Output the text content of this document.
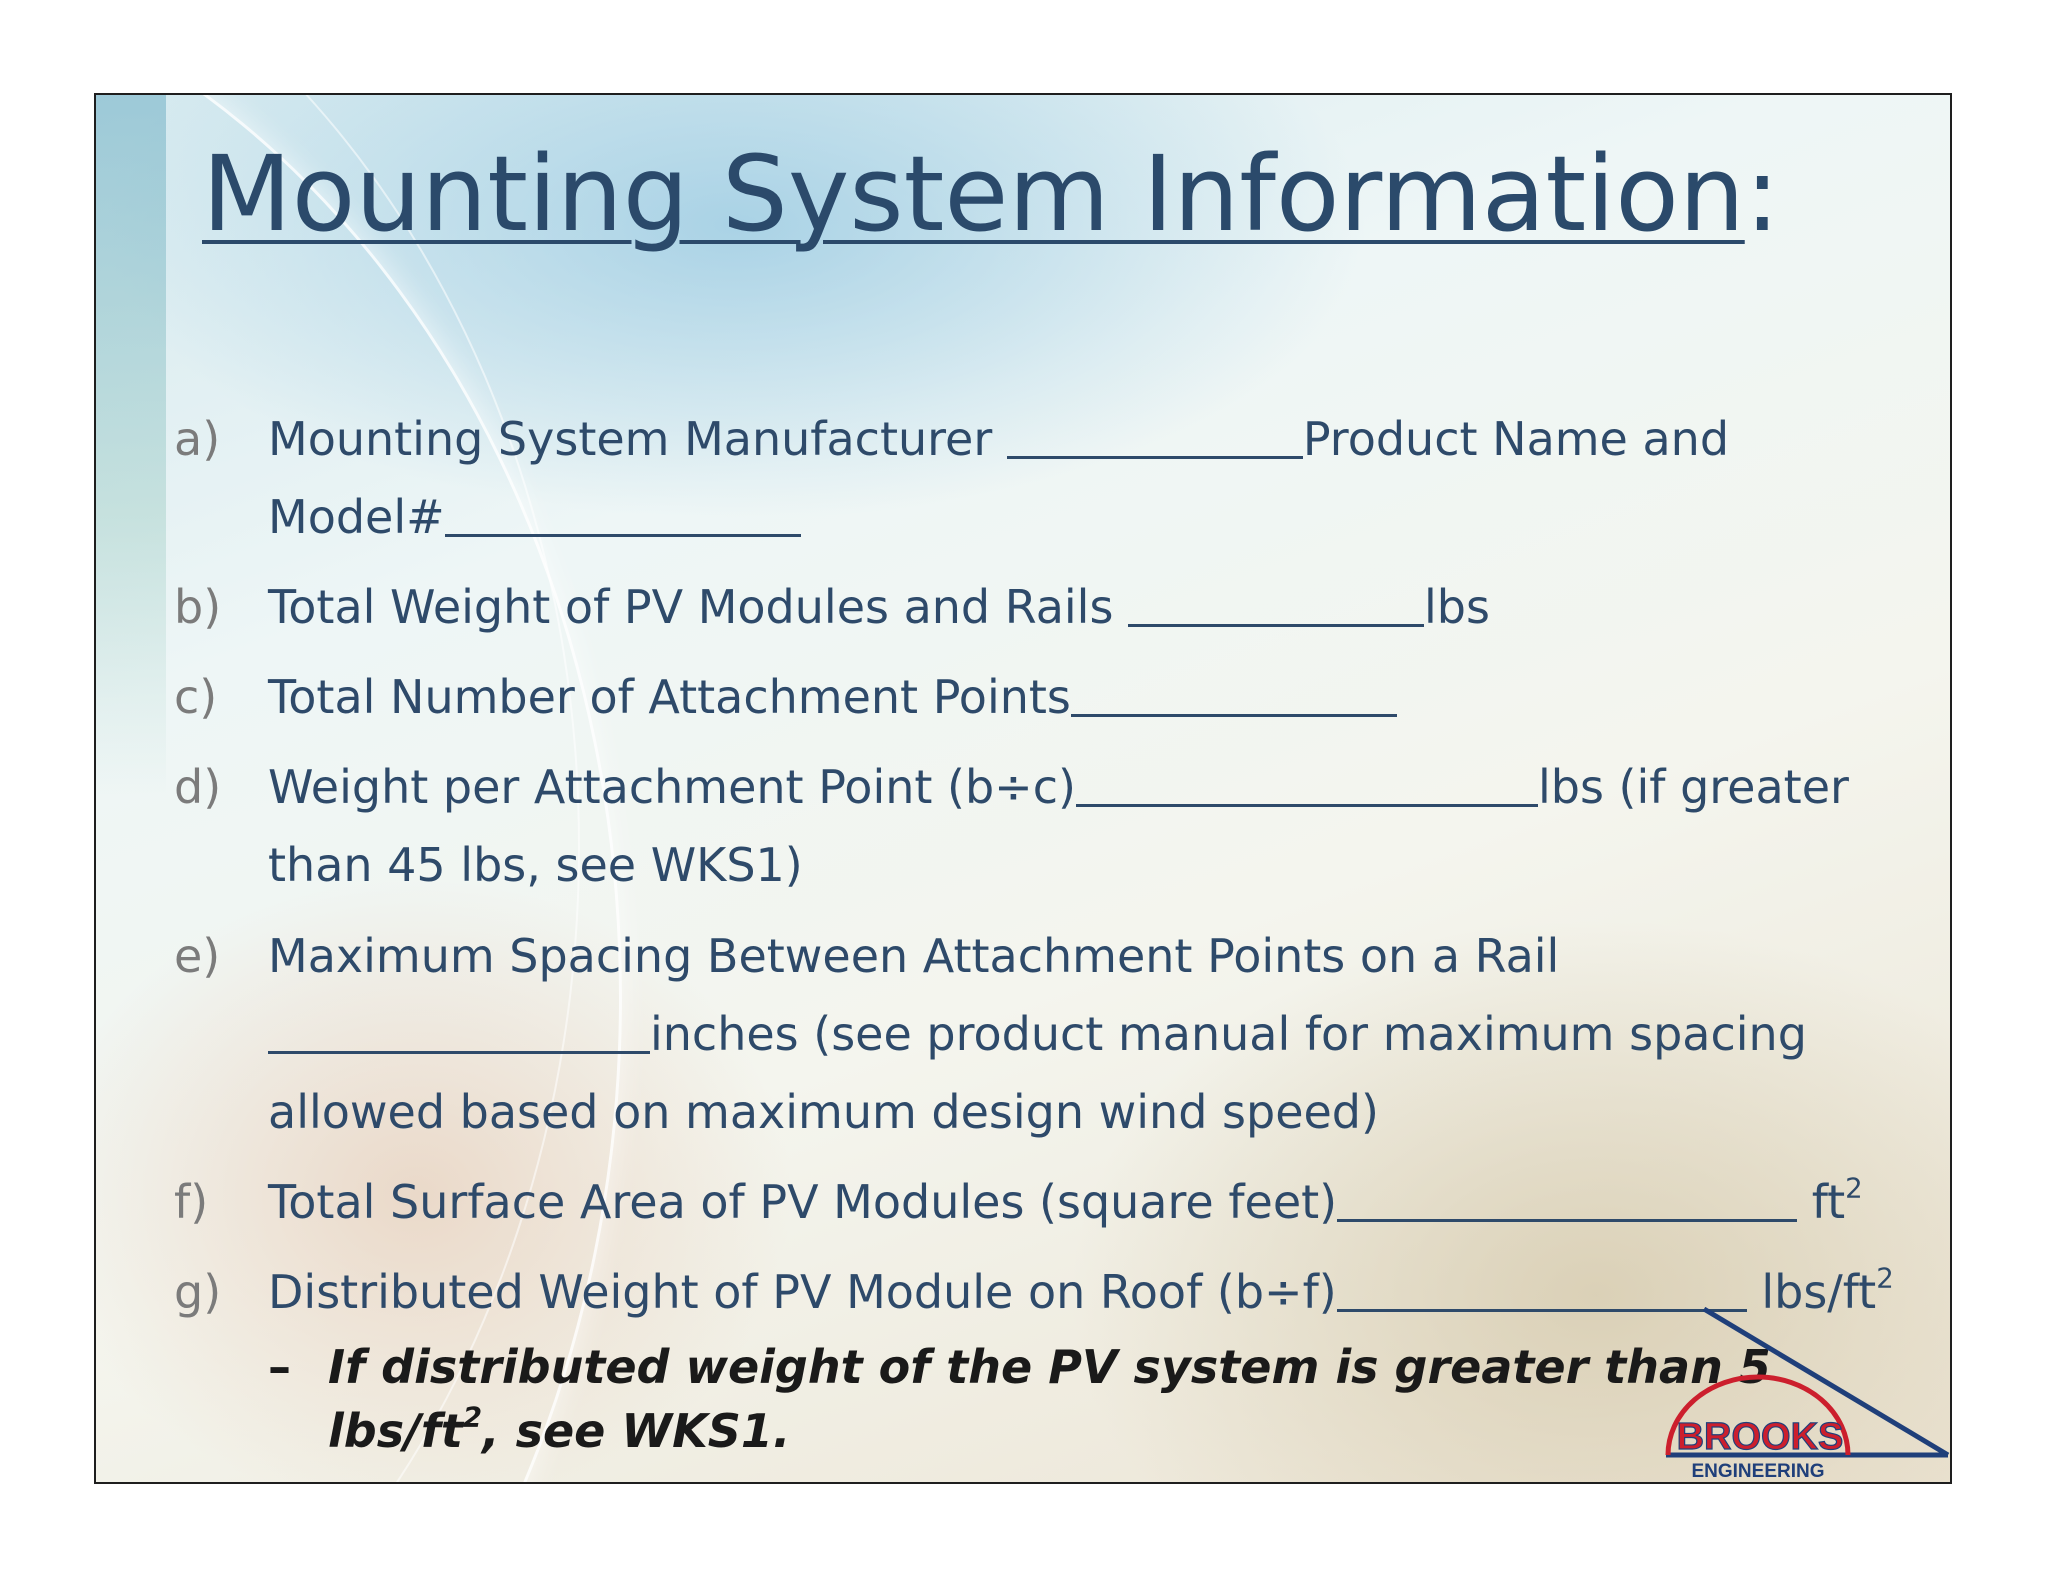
Mounting System Information:
a) Mounting System Manufacturer	Product Name and
Model#
b) Total Weight of PV Modules and Rails	lbs
c) Total Number of Attachment Points
d) Weight per Attachment Point (b÷c)	lbs (if greater
than 45 lbs, see WKS1)
e) Maximum Spacing Between Attachment Points on a Rail
inches (see product manual for maximum spacing
allowed based on maximum design wind speed)
f) Total Surface Area of PV Modules (square feet)	$ft^2$
g) Distributed Weight of PV Module on Roof (b÷f)	lbs/$ft^2$
– If distributed weight of the PV system is greater than 5 lbs/$ft^2$, see WKS1.	BROOKS
ENGINEERING
